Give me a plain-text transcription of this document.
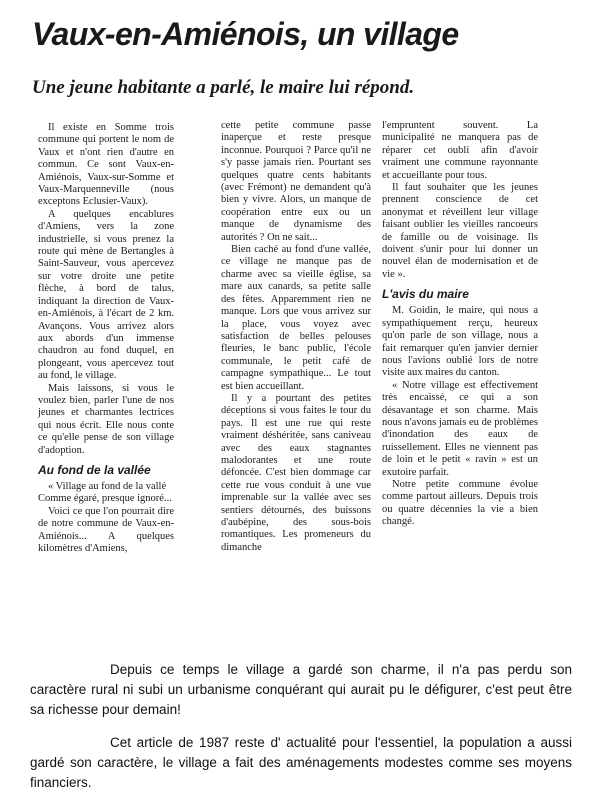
Vaux-en-Amiénois, un village
Une jeune habitante a parlé, le maire lui répond.

Il existe en Somme trois commune qui portent le nom de Vaux et n'ont rien d'autre en commun. Ce sont Vaux-en-Amiénois, Vaux-sur-Somme et Vaux-Marquenneville (nous exceptons Eclusier-Vaux).

A quelques encablures d'Amiens, vers la zone industrielle, si vous prenez la route qui mène de Bertangles à Saint-Sauveur, vous apercevez sur votre droite une petite flèche, à bord de talus, indiquant la direction de Vaux-en-Amiénois, à l'écart de 2 km. Avançons. Vous arrivez alors aux abords d'un immense chaudron au fond duquel, en plongeant, vous apercevez tout au fond, le village.

Mais laissons, si vous le voulez bien, parler l'une de nos jeunes et charmantes lectrices qui nous écrit. Elle nous conte ce qu'elle pense de son village d'adoption.

Au fond de la vallée

« Village au fond de la vallé

Comme égaré, presque ignoré...

Voici ce que l'on pourrait dire de notre commune de Vaux-en-Amiénois... A quelques kilomètres d'Amiens,

cette petite commune passe inaperçue et reste presque inconnue. Pourquoi ? Parce qu'il ne s'y passe jamais rien. Pourtant ses quelques quatre cents habitants (avec Frémont) ne demandent qu'à bien y vivre. Alors, un manque de coopération entre eux ou un manque de dynamisme des autorités ? On ne sait...

Bien caché au fond d'une vallée, ce village ne manque pas de charme avec sa vieille église, sa mare aux canards, sa petite salle des fêtes. Apparemment rien ne manque. Lors que vous arrivez sur la place, vous voyez avec satisfaction de belles pelouses fleuries, le banc public, l'école communale, le petit café de campagne sympathique... Le tout est bien accueillant.

Il y a pourtant des petites déceptions si vous faites le tour du pays. Il est une rue qui reste vraiment déshéritée, sans caniveau avec des eaux stagnantes malodorantes et une route défoncée. C'est bien dommage car cette rue vous conduit à une vue imprenable sur la vallée avec ses sentiers détournés, des buissons d'aubépine, des sous-bois romantiques. Les promeneurs du dimanche

l'empruntent souvent. La municipalité ne manquera pas de réparer cet oubli afin d'avoir vraiment une commune rayonnante et accueillante pour tous.

Il faut souhaiter que les jeunes prennent conscience de cet anonymat et réveillent leur village faisant oublier les vieilles rancoeurs de famille ou de voisinage. Ils doivent s'unir pour lui donner un nouvel élan de modernisation et de vie ».

L'avis du maire

M. Goidin, le maire, qui nous a sympathiquement rerçu, heureux qu'on parle de son village, nous a fait remarquer qu'en janvier dernier nous l'avions oublié lors de notre visite aux maires du canton.

« Notre village est effectivement très encaissé, ce qui a son désavantage et son charme. Mais nous n'avons jamais eu de problèmes d'inondation des eaux de ruissellement. Elles ne viennent pas de loin et le petit « ravin » est un exutoire parfait.

Notre petite commune évolue comme partout ailleurs. Depuis trois ou quatre décennies la vie a bien changé.

Depuis ce temps le village a gardé son charme, il n'a pas perdu son caractère rural ni subi un urbanisme conquérant qui aurait pu le défigurer, c'est peut être sa richesse pour demain!

Cet article de 1987 reste d' actualité pour l'essentiel, la population a aussi gardé son caractère, le village a fait des aménagements modestes comme ses moyens financiers.
